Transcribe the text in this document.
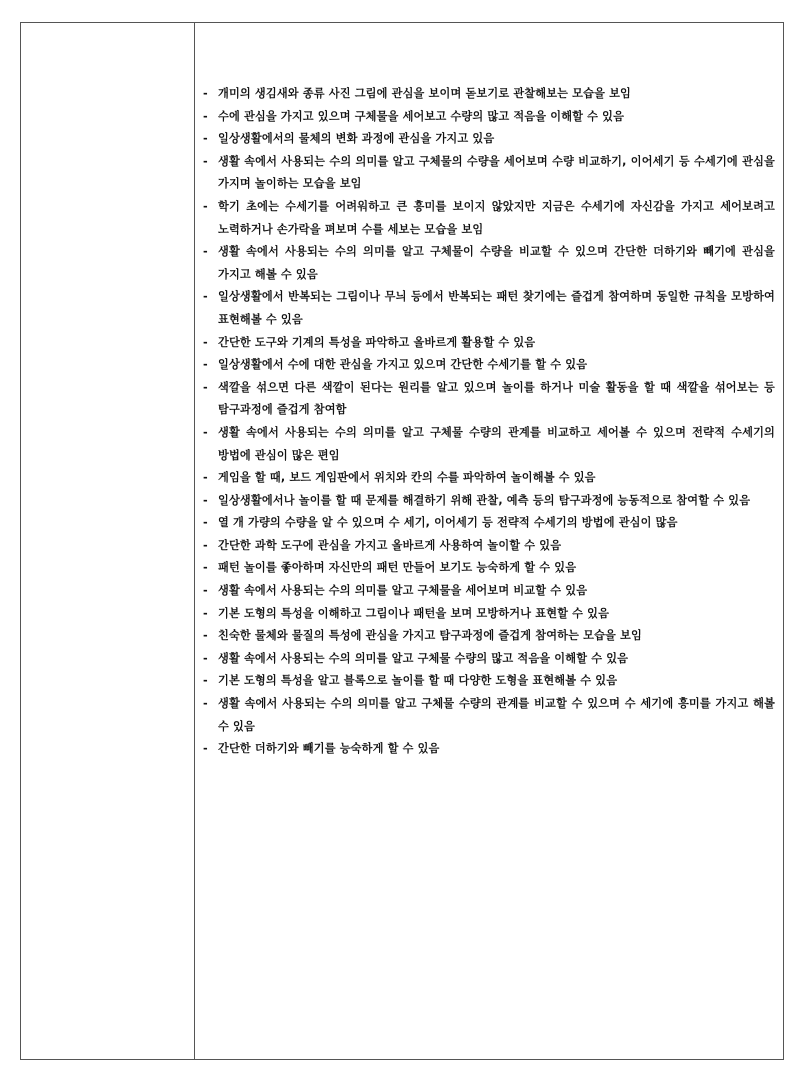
- 개미의 생김새와 종류 사진 그림에 관심을 보이며 돋보기로 관찰해보는 모습을 보임
- 수에 관심을 가지고 있으며 구체물을 세어보고 수량의 많고 적음을 이해할 수 있음
- 일상생활에서의 물체의 변화 과정에 관심을 가지고 있음
- 생활 속에서 사용되는 수의 의미를 알고 구체물의 수량을 세어보며 수량 비교하기, 이어세기 등 수세기에 관심을 가지며 놀이하는 모습을 보임
- 학기 초에는 수세기를 어려워하고 큰 흥미를 보이지 않았지만 지금은 수세기에 자신감을 가지고 세어보려고 노력하거나 손가락을 펴보며 수를 세보는 모습을 보임
- 생활 속에서 사용되는 수의 의미를 알고 구체물이 수량을 비교할 수 있으며 간단한 더하기와 빼기에 관심을 가지고 해볼 수 있음
- 일상생활에서 반복되는 그림이나 무늬 등에서 반복되는 패턴 찾기에는 즐겁게 참여하며 동일한 규칙을 모방하여 표현해볼 수 있음
- 간단한 도구와 기계의 특성을 파악하고 올바르게 활용할 수 있음
- 일상생활에서 수에 대한 관심을 가지고 있으며 간단한 수세기를 할 수 있음
- 색깔을 섞으면 다른 색깔이 된다는 원리를 알고 있으며 놀이를 하거나 미술 활동을 할 때 색깔을 섞어보는 등 탐구과정에 즐겁게 참여함
- 생활 속에서 사용되는 수의 의미를 알고 구체물 수량의 관계를 비교하고 세어볼 수 있으며 전략적 수세기의 방법에 관심이 많은 편임
- 게임을 할 때, 보드 게임판에서 위치와 칸의 수를 파악하여 놀이해볼 수 있음
- 일상생활에서나 놀이를 할 때 문제를 해결하기 위해 관찰, 예측 등의 탐구과정에 능동적으로 참여할 수 있음
- 열 개 가량의 수량을 알 수 있으며 수 세기, 이어세기 등 전략적 수세기의 방법에 관심이 많음
- 간단한 과학 도구에 관심을 가지고 올바르게 사용하여 놀이할 수 있음
- 패턴 놀이를 좋아하며 자신만의 패턴 만들어 보기도 능숙하게 할 수 있음
- 생활 속에서 사용되는 수의 의미를 알고 구체물을 세어보며 비교할 수 있음
- 기본 도형의 특성을 이해하고 그림이나 패턴을 보며 모방하거나 표현할 수 있음
- 친숙한 물체와 물질의 특성에 관심을 가지고 탐구과정에 즐겁게 참여하는 모습을 보임
- 생활 속에서 사용되는 수의 의미를 알고 구체물 수량의 많고 적음을 이해할 수 있음
- 기본 도형의 특성을 알고 블록으로 놀이를 할 때 다양한 도형을 표현해볼 수 있음
- 생활 속에서 사용되는 수의 의미를 알고 구체물 수량의 관계를 비교할 수 있으며 수 세기에 흥미를 가지고 해볼 수 있음
- 간단한 더하기와 빼기를 능숙하게 할 수 있음
